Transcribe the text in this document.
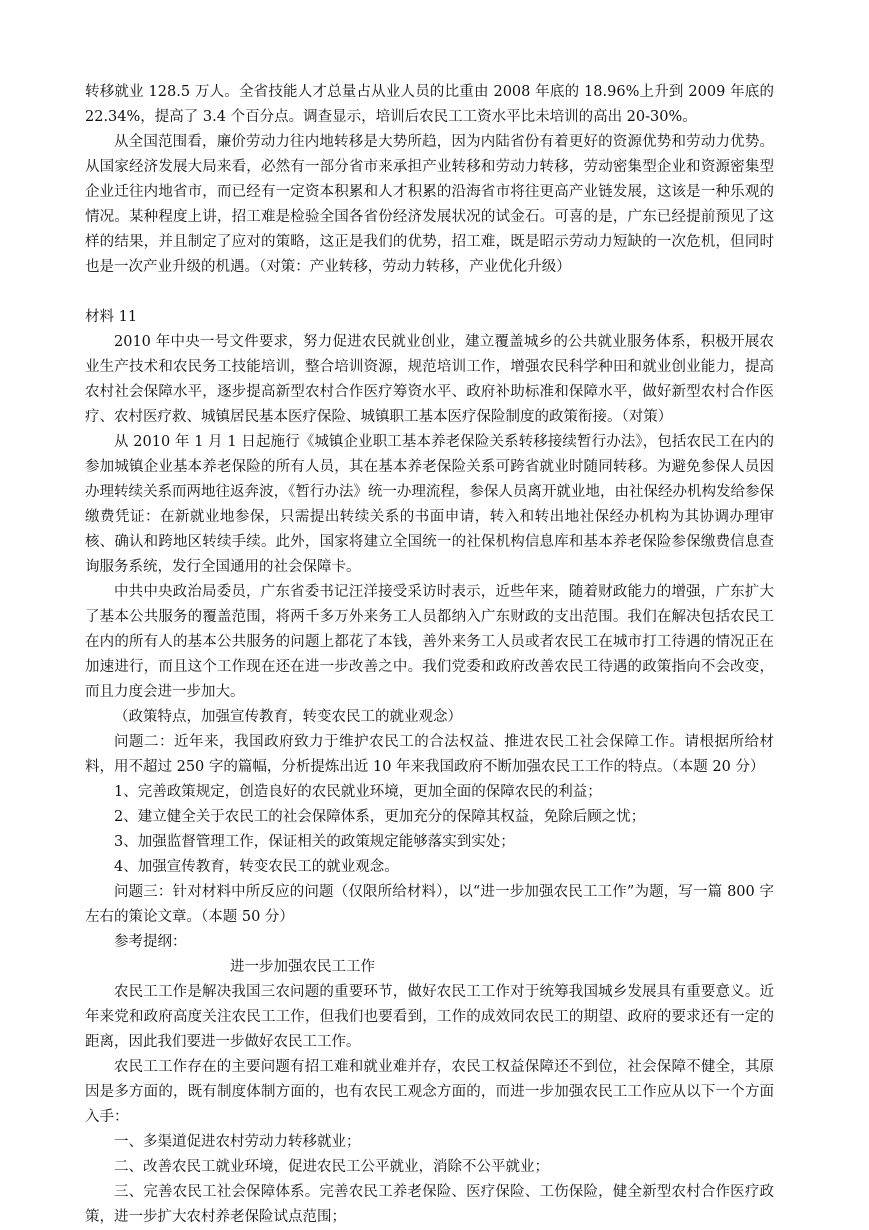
转移就业 128.5 万人。全省技能人才总量占从业人员的比重由 2008 年底的 18.96%上升到 2009 年底的 22.34%，提高了 3.4 个百分点。调查显示，培训后农民工工资水平比未培训的高出 20-30%。

从全国范围看，廉价劳动力往内地转移是大势所趋，因为内陆省份有着更好的资源优势和劳动力优势。从国家经济发展大局来看，必然有一部分省市来承担产业转移和劳动力转移，劳动密集型企业和资源密集型企业迁往内地省市，而已经有一定资本积累和人才积累的沿海省市将往更高产业链发展，这该是一种乐观的情况。某种程度上讲，招工难是检验全国各省份经济发展状况的试金石。可喜的是，广东已经提前预见了这样的结果，并且制定了应对的策略，这正是我们的优势，招工难，既是昭示劳动力短缺的一次危机，但同时也是一次产业升级的机遇。（对策：产业转移，劳动力转移，产业优化升级）

材料 11

2010 年中央一号文件要求，努力促进农民就业创业，建立覆盖城乡的公共就业服务体系，积极开展农业生产技术和农民务工技能培训，整合培训资源，规范培训工作，增强农民科学种田和就业创业能力，提高农村社会保障水平，逐步提高新型农村合作医疗筹资水平、政府补助标准和保障水平，做好新型农村合作医疗、农村医疗救、城镇居民基本医疗保险、城镇职工基本医疗保险制度的政策衔接。（对策）

从 2010 年 1 月 1 日起施行《城镇企业职工基本养老保险关系转移接续暂行办法》，包括农民工在内的参加城镇企业基本养老保险的所有人员，其在基本养老保险关系可跨省就业时随同转移。为避免参保人员因办理转续关系而两地往返奔波，《暂行办法》统一办理流程，参保人员离开就业地，由社保经办机构发给参保缴费凭证：在新就业地参保，只需提出转续关系的书面申请，转入和转出地社保经办机构为其协调办理审核、确认和跨地区转续手续。此外，国家将建立全国统一的社保机构信息库和基本养老保险参保缴费信息查询服务系统，发行全国通用的社会保障卡。

中共中央政治局委员，广东省委书记汪洋接受采访时表示，近些年来，随着财政能力的增强，广东扩大了基本公共服务的覆盖范围，将两千多万外来务工人员都纳入广东财政的支出范围。我们在解决包括农民工在内的所有人的基本公共服务的问题上都花了本钱，善外来务工人员或者农民工在城市打工待遇的情况正在加速进行，而且这个工作现在还在进一步改善之中。我们党委和政府改善农民工待遇的政策指向不会改变，而且力度会进一步加大。

（政策特点，加强宣传教育，转变农民工的就业观念）

问题二：近年来，我国政府致力于维护农民工的合法权益、推进农民工社会保障工作。请根据所给材料，用不超过 250 字的篇幅，分析提炼出近 10 年来我国政府不断加强农民工工作的特点。（本题 20 分）

1、完善政策规定，创造良好的农民就业环境，更加全面的保障农民的利益；

2、建立健全关于农民工的社会保障体系，更加充分的保障其权益，免除后顾之忧；

3、加强监督管理工作，保证相关的政策规定能够落实到实处；

4、加强宣传教育，转变农民工的就业观念。

问题三：针对材料中所反应的问题（仅限所给材料），以“进一步加强农民工工作”为题，写一篇 800 字左右的策论文章。（本题 50 分）

参考提纲：

进一步加强农民工工作

农民工工作是解决我国三农问题的重要环节，做好农民工工作对于统筹我国城乡发展具有重要意义。近年来党和政府高度关注农民工工作，但我们也要看到，工作的成效同农民工的期望、政府的要求还有一定的距离，因此我们要进一步做好农民工工作。

农民工工作存在的主要问题有招工难和就业难并存，农民工权益保障还不到位，社会保障不健全，其原因是多方面的，既有制度体制方面的，也有农民工观念方面的，而进一步加强农民工工作应从以下一个方面入手：

一、多渠道促进农村劳动力转移就业；

二、改善农民工就业环境，促进农民工公平就业，消除不公平就业；

三、完善农民工社会保障体系。完善农民工养老保险、医疗保险、工伤保险，健全新型农村合作医疗政策，进一步扩大农村养老保险试点范围；
